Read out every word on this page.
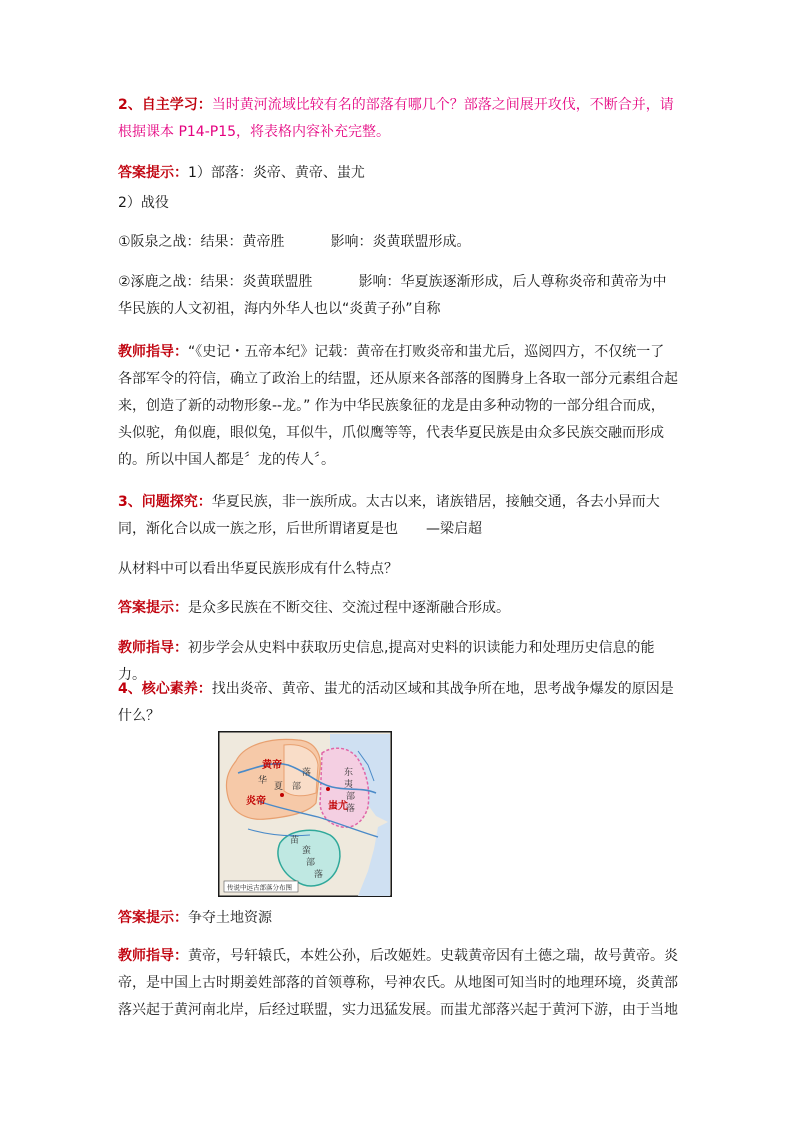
2、自主学习：当时黄河流域比较有名的部落有哪几个？部落之间展开攻伐，不断合并，请根据课本 P14-P15，将表格内容补充完整。

答案提示：1）部落：炎帝、黄帝、蚩尤

2）战役

①阪泉之战：结果：黄帝胜	影响：炎黄联盟形成。

②涿鹿之战：结果：炎黄联盟胜	影响：华夏族逐渐形成，后人尊称炎帝和黄帝为中华民族的人文初祖，海内外华人也以“炎黄子孙”自称

教师指导：“《史记・五帝本纪》记载：黄帝在打败炎帝和蚩尤后，巡阅四方，不仅统一了各部军令的符信，确立了政治上的结盟，还从原来各部落的图腾身上各取一部分元素组合起来，创造了新的动物形象--龙。” 作为中华民族象征的龙是由多种动物的一部分组合而成，头似驼，角似鹿，眼似兔，耳似牛，爪似鹰等等，代表华夏民族是由众多民族交融而形成的。所以中国人都是〞龙的传人〞。

3、问题探究：华夏民族，非一族所成。太古以来，诸族错居，接触交通，各去小异而大同，渐化合以成一族之形，后世所谓诸夏是也　　—梁启超

从材料中可以看出华夏民族形成有什么特点？

答案提示：是众多民族在不断交往、交流过程中逐渐融合形成。

教师指导：初步学会从史料中获取历史信息,提高对史料的识读能力和处理历史信息的能力。

4、核心素养：找出炎帝、黄帝、蚩尤的活动区域和其战争所在地，思考战争爆发的原因是什么？

黄帝
炎帝	蚩尤
华
夏 部
落	东
夷
部
落
苗
蛮
部
落
传说中远古部落分布图

答案提示：争夺土地资源

教师指导：黄帝，号轩辕氏，本姓公孙，后改姬姓。史载黄帝因有土德之瑞，故号黄帝。炎帝，是中国上古时期姜姓部落的首领尊称，号神农氏。从地图可知当时的地理环境，炎黄部落兴起于黄河南北岸，后经过联盟，实力迅猛发展。而蚩尤部落兴起于黄河下游，由于当地
